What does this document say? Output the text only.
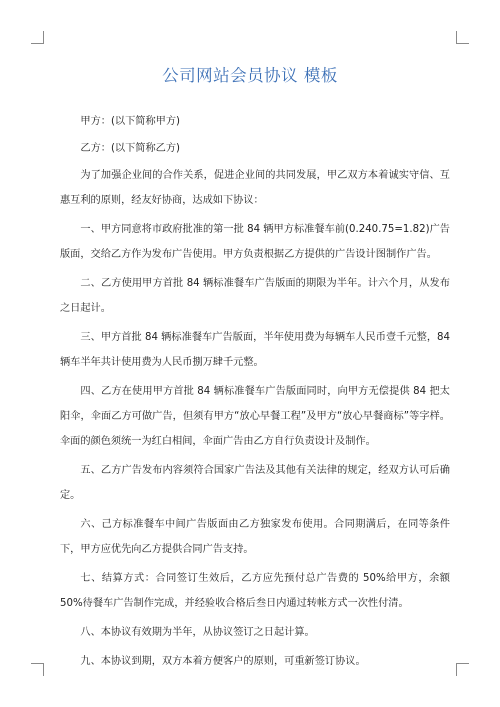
公司网站会员协议 模板

甲方：(以下简称甲方)

乙方：(以下简称乙方)

为了加强企业间的合作关系，促进企业间的共同发展，甲乙双方本着诚实守信、互惠互利的原则，经友好协商，达成如下协议：

一、甲方同意将市政府批准的第一批 84 辆甲方标准餐车前(0.240.75=1.82)广告版面，交给乙方作为发布广告使用。甲方负责根据乙方提供的广告设计图制作广告。

二、乙方使用甲方首批 84 辆标准餐车广告版面的期限为半年。计六个月，从发布之日起计。

三、甲方首批 84 辆标准餐车广告版面，半年使用费为每辆车人民币壹千元整，84 辆车半年共计使用费为人民币捌万肆千元整。

四、乙方在使用甲方首批 84 辆标准餐车广告版面同时，向甲方无偿提供 84 把太阳伞，伞面乙方可做广告，但须有甲方“放心早餐工程”及甲方“放心早餐商标”等字样。伞面的颜色须统一为红白相间，伞面广告由乙方自行负责设计及制作。

五、乙方广告发布内容须符合国家广告法及其他有关法律的规定，经双方认可后确定。

六、己方标准餐车中间广告版面由乙方独家发布使用。合同期满后，在同等条件下，甲方应优先向乙方提供合同广告支持。

七、结算方式：合同签订生效后，乙方应先预付总广告费的 50%给甲方，余额 50%待餐车广告制作完成，并经验收合格后叁日内通过转帐方式一次性付清。

八、本协议有效期为半年，从协议签订之日起计算。

九、本协议到期，双方本着方便客户的原则，可重新签订协议。
